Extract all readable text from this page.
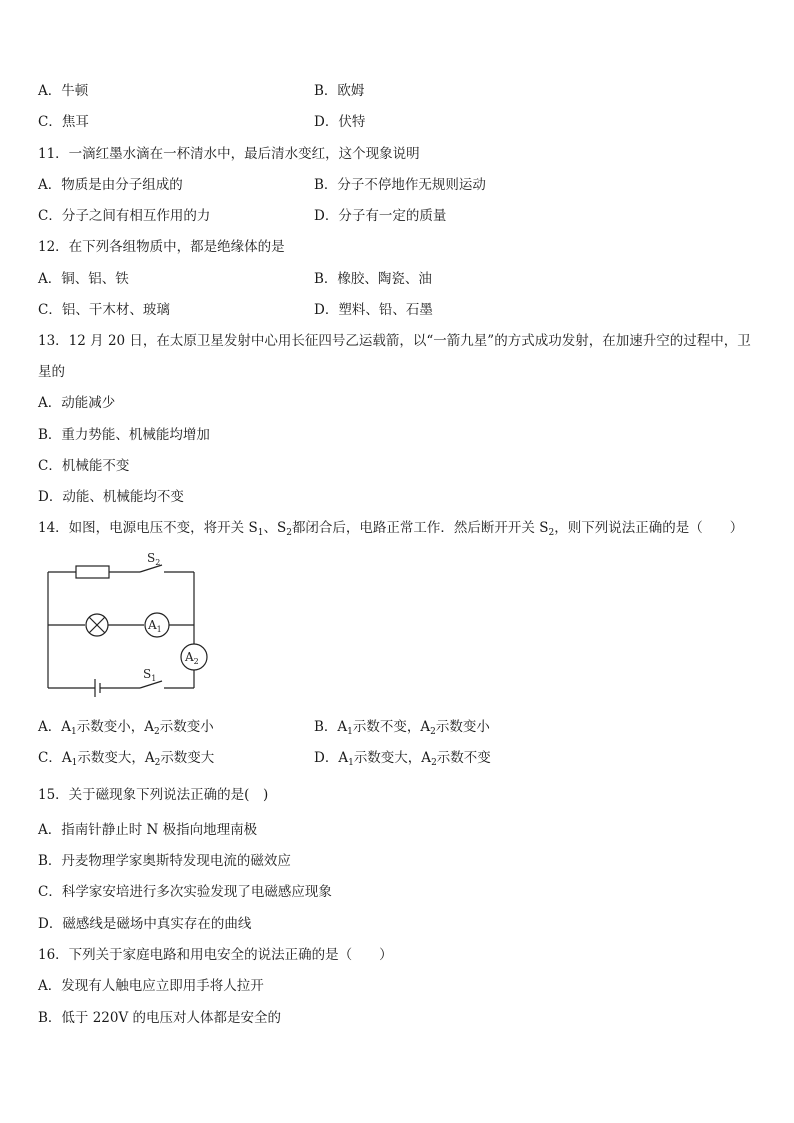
A．牛顿	B．欧姆
C．焦耳	D．伏特
11．一滴红墨水滴在一杯清水中，最后清水变红，这个现象说明
A．物质是由分子组成的	B．分子不停地作无规则运动
C．分子之间有相互作用的力	D．分子有一定的质量
12．在下列各组物质中，都是绝缘体的是
A．铜、铝、铁	B．橡胶、陶瓷、油
C．铝、干木材、玻璃	D．塑料、铅、石墨
13．12 月 20 日，在太原卫星发射中心用长征四号乙运载箭，以“一箭九星”的方式成功发射，在加速升空的过程中，卫
星的
A．动能减少
B．重力势能、机械能均增加
C．机械能不变
D．动能、机械能均不变
14．如图，电源电压不变，将开关 $S_1$、$S_2$都闭合后，电路正常工作．然后断开开关 $S_2$，则下列说法正确的是（　　）
$S_2$
$S_1$
$A_1$
$A_2$
A．$A_1$示数变小，$A_2$示数变小	B．$A_1$示数不变，$A_2$示数变小
C．$A_1$示数变大，$A_2$示数变大	D．$A_1$示数变大，$A_2$示数不变
15．关于磁现象下列说法正确的是(　)
A．指南针静止时 N 极指向地理南极
B．丹麦物理学家奥斯特发现电流的磁效应
C．科学家安培进行多次实验发现了电磁感应现象
D．磁感线是磁场中真实存在的曲线
16．下列关于家庭电路和用电安全的说法正确的是（　　）
A．发现有人触电应立即用手将人拉开
B．低于 220V 的电压对人体都是安全的
